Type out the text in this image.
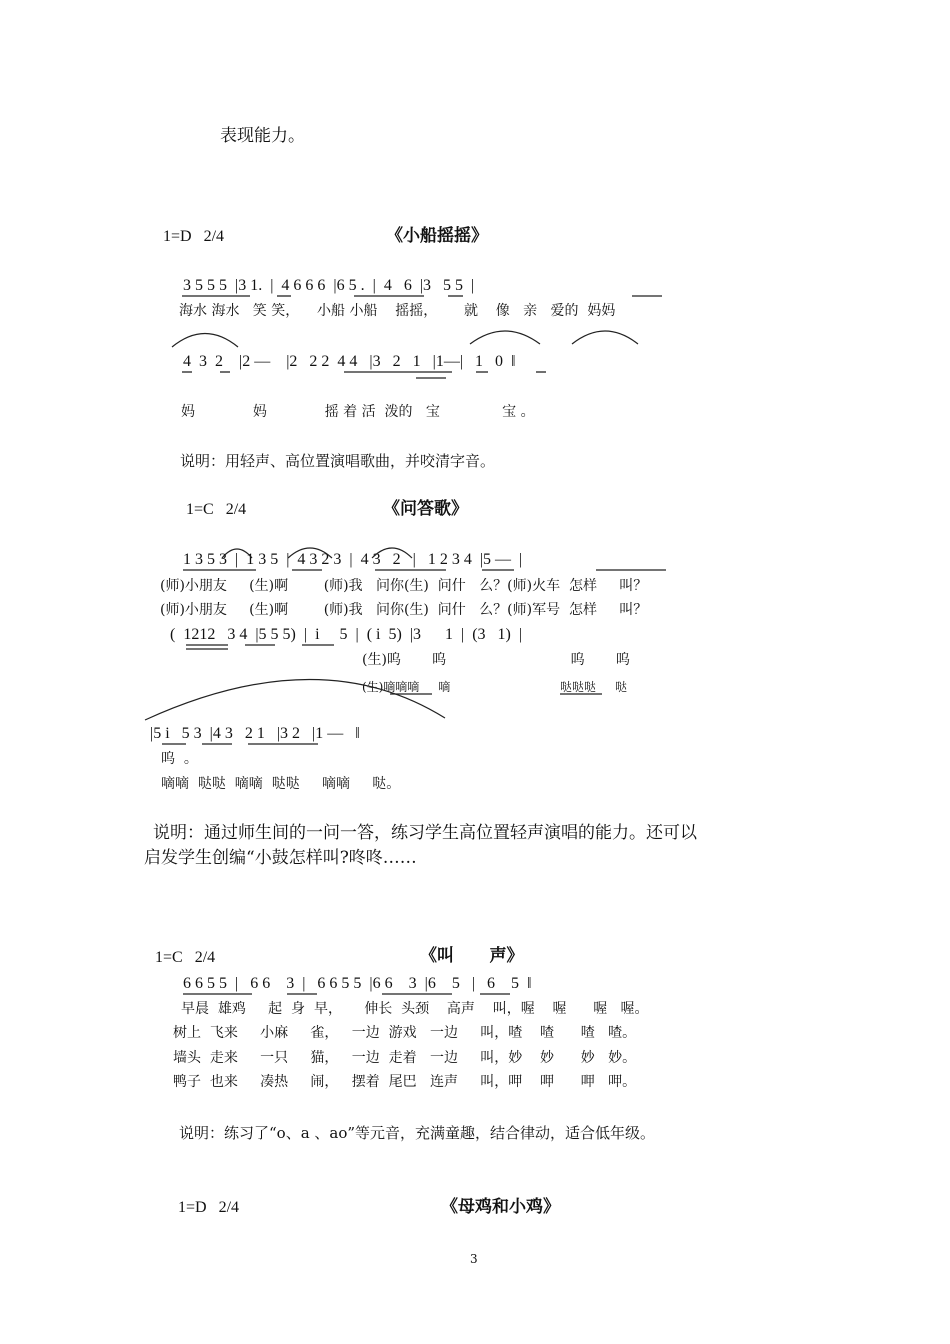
表现能力。
1=D   2/4	《小船摇摇》
3 5 5 5  |3 1.  |  4 6 6 6  |6 5 .  |  4   6  |3   5 5  |
海水 海水   笑 笑，    小船 小船    摇摇，      就    像   亲   爱的  妈妈
4  3  2    |2 —    |2   2 2  4 4   |3   2   1   |1—|   1   0  ‖
妈             妈             摇 着 活  泼的   宝              宝 。
说明：用轻声、高位置演唱歌曲，并咬清字音。
1=C   2/4	《问答歌》
1 3 5 3  |  1 3 5  |  4 3 2 3  |  4 3   2   |   1 2 3 4  |5 —  |
(师)小朋友     (生)啊        (师)我   问你(生)  问什   么？(师)火车  怎样     叫？
(师)小朋友     (生)啊        (师)我   问你(生)  问什   么？(师)军号  怎样     叫？
(  1212   3 4  |5 5 5)  |  i     5  |  ( i  5)  |3      1  |  (3   1)  |
(生)呜       呜                            呜       呜
(生)嘀嘀嘀     嘀	哒哒哒     哒
|5 i   5 3  |4 3   2 1   |3 2   |1 —   ‖
呜  。
嘀嘀  哒哒  嘀嘀  哒哒     嘀嘀     哒。
说明：通过师生间的一问一答，练习学生高位置轻声演唱的能力。还可以
启发学生创编“小鼓怎样叫?咚咚……
1=C   2/4	《叫      声》
6 6 5 5  |   6 6    3  |   6 6 5 5  |6 6    3  |6    5   |   6    5  ‖
早晨  雄鸡     起  身  早，     伸长  头颈    高声    叫，喔    喔      喔   喔。
树上  飞来     小麻     雀，   一边  游戏   一边     叫，喳    喳      喳   喳。
墙头  走来     一只     猫，   一边  走着   一边     叫，妙    妙      妙   妙。
鸭子  也来     凑热     闹，   摆着  尾巴   连声     叫，呷    呷      呷   呷。
说明：练习了“o、a 、ao”等元音，充满童趣，结合律动，适合低年级。
1=D   2/4	《母鸡和小鸡》
3
